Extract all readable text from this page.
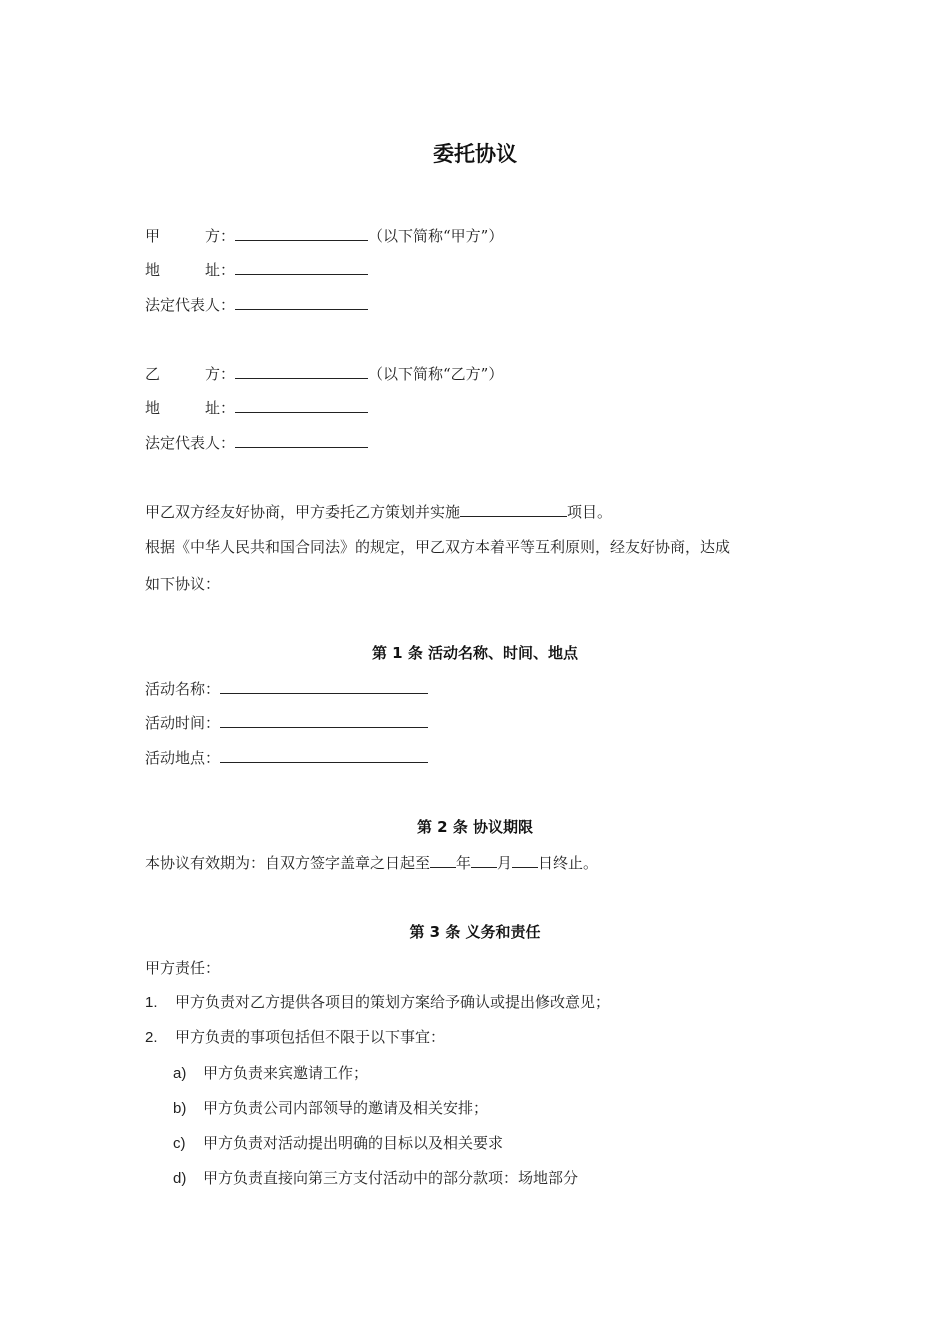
委托协议
甲　　　方：	（以下简称“甲方”）
地　　　址：
法定代表人：
乙　　　方：	（以下简称“乙方”）
地　　　址：
法定代表人：
甲乙双方经友好协商，甲方委托乙方策划并实施	项目。
根据《中华人民共和国合同法》的规定，甲乙双方本着平等互利原则，经友好协商，达成
如下协议：
第 1 条 活动名称、时间、地点
活动名称：
活动时间：
活动地点：
第 2 条 协议期限
本协议有效期为：自双方签字盖章之日起至 年 月 日终止。
第 3 条 义务和责任
甲方责任：
1. 甲方负责对乙方提供各项目的策划方案给予确认或提出修改意见；
2. 甲方负责的事项包括但不限于以下事宜：
a) 甲方负责来宾邀请工作；
b) 甲方负责公司内部领导的邀请及相关安排；
c) 甲方负责对活动提出明确的目标以及相关要求
d) 甲方负责直接向第三方支付活动中的部分款项：场地部分
